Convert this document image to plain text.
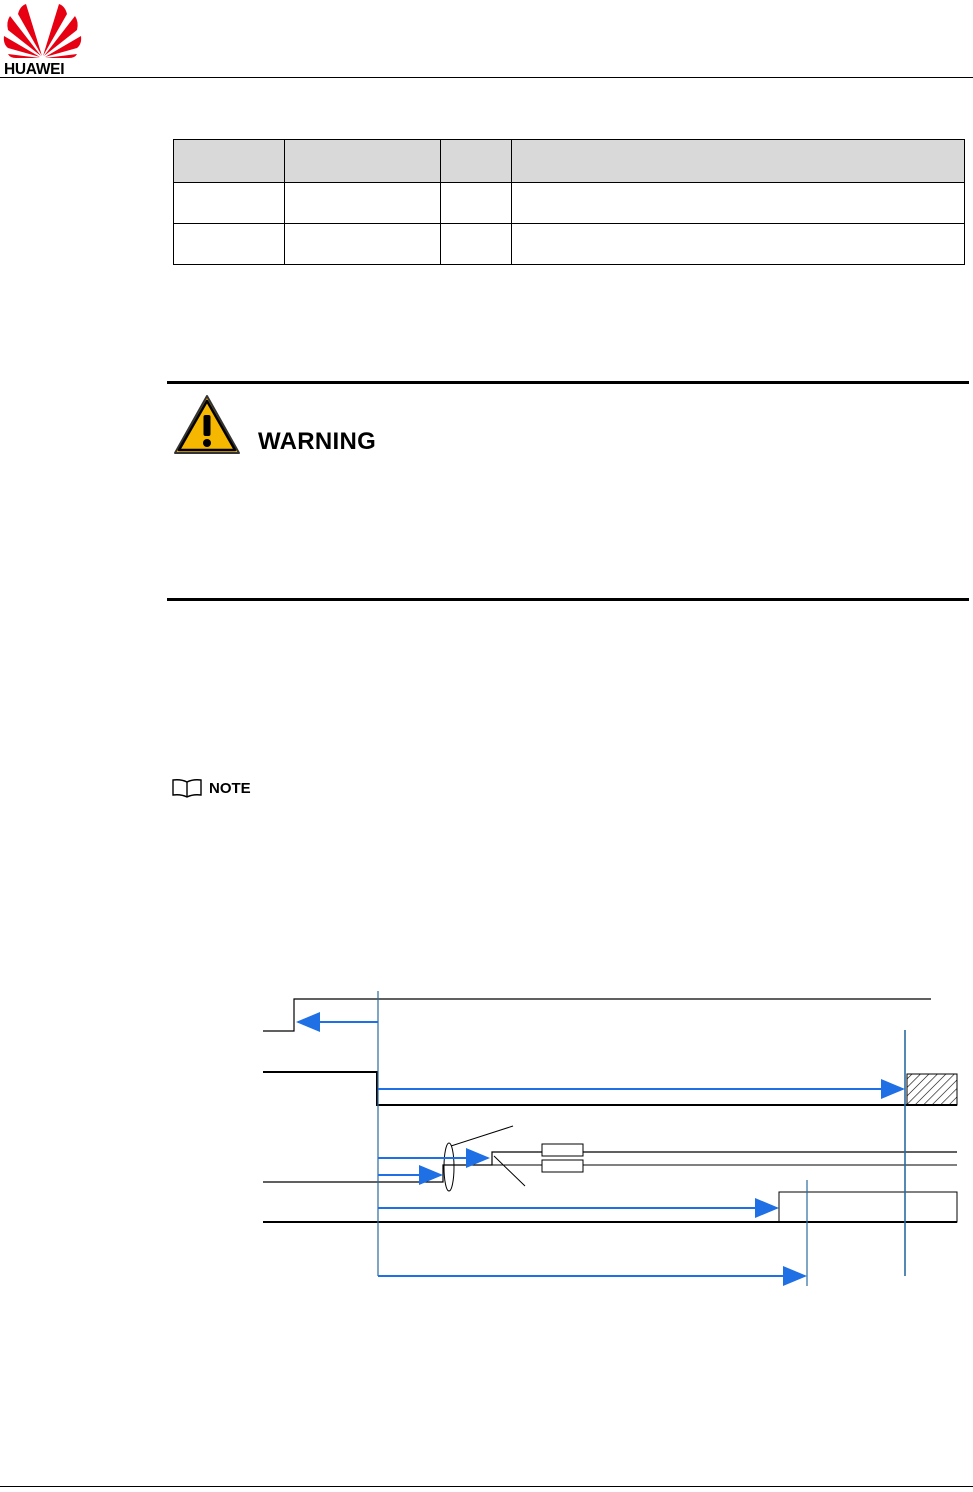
HUAWEI

WARNING
NOTE
